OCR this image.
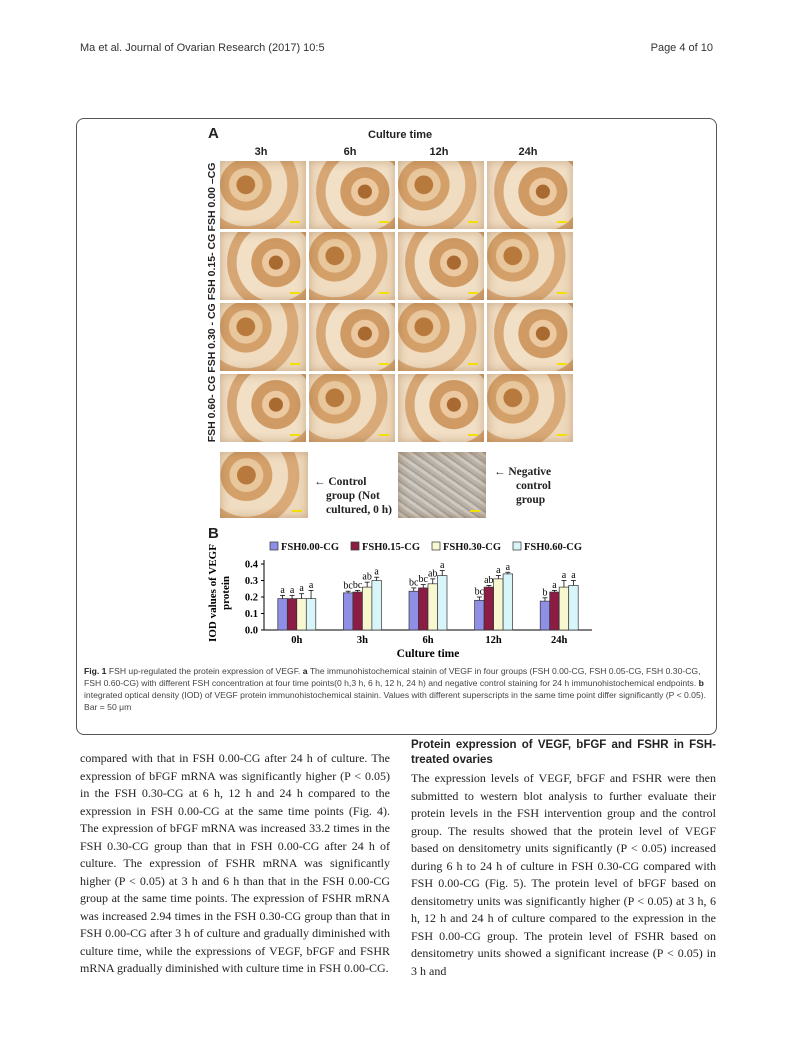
Ma et al. Journal of Ovarian Research (2017) 10:5	Page 4 of 10
A	Culture time
3h	6h	12h	24h
FSH 0.00 –CG
FSH 0.15- CG
FSH 0.30 - CG
FSH 0.60- CG
← Control
group (Not
cultured, 0 h)
← Negative
control
group
B
FSH0.00-CG FSH0.15-CG FSH0.30-CG FSH0.60-CG
0.0
0.1
0.2
0.3
0.4
IOD values of VEGFprotein	a a a a
0h
bc bc
ab a
3h
bc bc
ab
a
6h
bc
ab
a a
12h
b
a
a a
24h
Culture time
Fig. 1 FSH up-regulated the protein expression of VEGF. a The immunohistochemical stainin of VEGF in four groups (FSH 0.00-CG, FSH 0.05-CG, FSH 0.30-CG, FSH 0.60-CG) with different FSH concentration at four time points(0 h,3 h, 6 h, 12 h, 24 h) and negative control staining for 24 h immunohistochemical endpoints. b integrated optical density (IOD) of VEGF protein immunohistochemical stainin. Values with different superscripts in the same time point differ significantly (P < 0.05). Bar = 50 μm
compared with that in FSH 0.00-CG after 24 h of culture. The expression of bFGF mRNA was significantly higher (P < 0.05) in the FSH 0.30-CG at 6 h, 12 h and 24 h compared to the expression in FSH 0.00-CG at the same time points (Fig. 4). The expression of bFGF mRNA was increased 33.2 times in the FSH 0.30-CG group than that in FSH 0.00-CG after 24 h of culture. The expression of FSHR mRNA was significantly higher (P < 0.05) at 3 h and 6 h than that in the FSH 0.00-CG group at the same time points. The expression of FSHR mRNA was increased 2.94 times in the FSH 0.30-CG group than that in FSH 0.00-CG after 3 h of culture and gradually diminished with culture time, while the expressions of VEGF, bFGF and FSHR mRNA gradually diminished with culture time in FSH 0.00-CG.
Protein expression of VEGF, bFGF and FSHR in FSH-treated ovaries
The expression levels of VEGF, bFGF and FSHR were then submitted to western blot analysis to further evaluate their protein levels in the FSH intervention group and the control group. The results showed that the protein level of VEGF based on densitometry units significantly (P < 0.05) increased during 6 h to 24 h of culture in FSH 0.30-CG compared with FSH 0.00-CG (Fig. 5). The protein level of bFGF based on densitometry units was significantly higher (P < 0.05) at 3 h, 6 h, 12 h and 24 h of culture compared to the expression in the FSH 0.00-CG group. The protein level of FSHR based on densitometry units showed a significant increase (P < 0.05) in 3 h and
